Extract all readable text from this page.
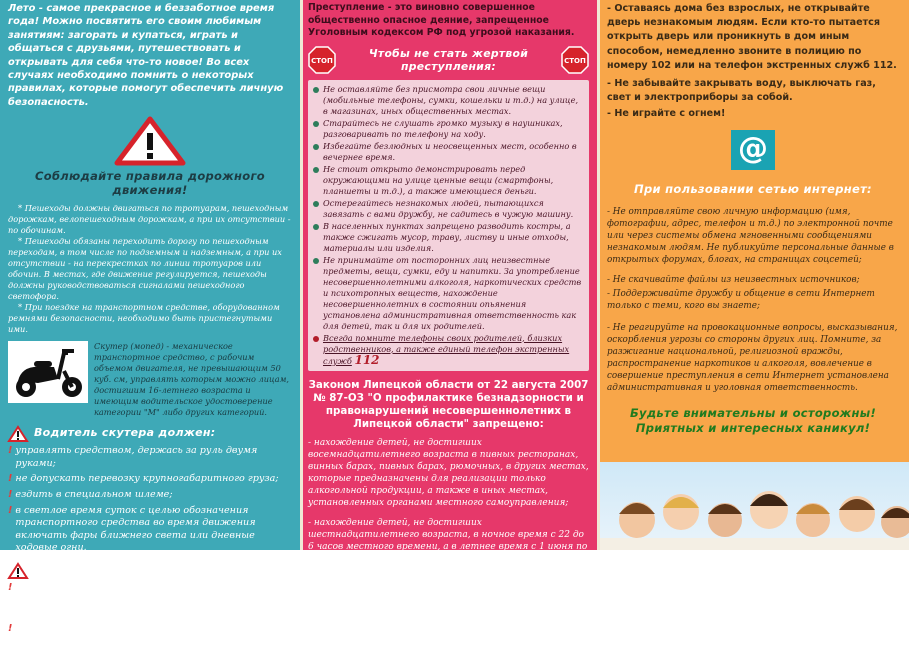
Лето - самое прекрасное и беззаботное время года! Можно посвятить его своим любимым занятиям: загорать и купаться, играть и общаться с друзьями, путешествовать и открывать для себя что-то новое! Во всех случаях необходимо помнить о некоторых правилах, которые помогут обеспечить личную безопасность.

Соблюдайте правила дорожного движения!

* Пешеходы должны двигаться по тротуарам, пешеходным дорожкам, велопешеходным дорожкам, а при их отсутствии - по обочинам.

* Пешеходы обязаны переходить дорогу по пешеходным переходам, в том числе по подземным и надземным, а при их отсутствии - на перекрестках по линии тротуаров или обочин. В местах, где движение регулируется, пешеходы должны руководствоваться сигналами пешеходного светофора.

* При поездке на транспортном средстве, оборудованном ремнями безопасности, необходимо быть пристегнутыми ими.

Скутер (мопед) - механическое транспортное средство, с рабочим объемом двигателя, не превышающим 50 куб. см, управлять которым можно лицам, достигшим 16-летнего возраста и имеющим водительское удостоверение категории "М" либо других категорий.

Водитель скутера должен:
! управлять средством, держась за руль двумя руками;
! не допускать перевозку крупногабаритного груза;
! ездить в специальном шлеме;
! в светлое время суток с целью обозначения транспортного средства во время движения включать фары ближнего света или дневные ходовые огни.
Водителю скутера запрещается:
! перевозить пассажиров, если это не предусмотрено конструкцией транспортного средства;
! перевозить детей до 7 лет при отсутствии специально

Преступление - это виновно совершенное общественно опасное деяние, запрещенное Уголовным кодексом РФ под угрозой наказания.

СТОП
Чтобы не стать жертвой преступления:	СТОП
Не оставляйте без присмотра свои личные вещи (мобильные телефоны, сумки, кошельки и т.д.) на улице, в магазинах, иных общественных местах.
Старайтесь не слушать громко музыку в наушниках, разговаривать по телефону на ходу.
Избегайте безлюдных и неосвещенных мест, особенно в вечернее время.
Не стоит открыто демонстрировать перед окружающими на улице ценные вещи (смартфоны, планшеты и т.д.), а также имеющиеся деньги.
Остерегайтесь незнакомых людей, пытающихся завязать с вами дружбу, не садитесь в чужую машину.
В населенных пунктах запрещено разводить костры, а также сжигать мусор, траву, листву и иные отходы, материалы или изделия.
Не принимайте от посторонних лиц неизвестные предметы, вещи, сумки, еду и напитки. За употребление несовершеннолетними алкоголя, наркотических средств и психотропных веществ, нахождение несовершеннолетних в состоянии опьянения установлена административная ответственность как для детей, так и для их родителей.
Всегда помните телефоны своих родителей, близких родственников, а также единый телефон экстренных служб 112

Законом Липецкой области от 22 августа 2007 № 87-ОЗ "О профилактике безнадзорности и правонарушений несовершеннолетних в Липецкой области" запрещено:

- нахождение детей, не достигших восемнадцатилетнего возраста в пивных ресторанах, винных барах, пивных барах, рюмочных, в других местах, которые предназначены для реализации только алкогольной продукции, а также в иных местах, установленных органами местного самоуправления;

- нахождение детей, не достигших шестнадцатилетнего возраста, в ночное время с 22 до 6 часов местного времени, а в летнее время с 1 июня по 31 августа с 23 до 6 часов местного времени, в общественных местах (на улицах, стадионах, в парках скверах, транспортных средствах общего пользования, ресторанах, кафе, барах, клубах, дискотеках и открытых танцевальных площадках, компьютерных салонах или клубах без сопровождения родителей или лиц, осуществля-

- Оставаясь дома без взрослых, не открывайте дверь незнакомым людям. Если кто-то пытается открыть дверь или проникнуть в дом иным способом, немедленно звоните в полицию по номеру 102 или на телефон экстренных служб 112.

- Не забывайте закрывать воду, выключать газ, свет и электроприборы за собой.

- Не играйте с огнем!

@
При пользовании сетью интернет:

- Не отправляйте свою личную информацию (имя, фотографии, адрес, телефон и т.д.) по электронной почте или через системы обмена мгновенными сообщениями незнакомым людям. Не публикуйте персональные данные в открытых форумах, блогах, на страницах соцсетей;

- Не скачивайте файлы из неизвестных источников;

- Поддерживайте дружбу и общение в сети Интернет только с теми, кого вы знаете;

- Не реагируйте на провокационные вопросы, высказывания, оскорбления угрозы со стороны других лиц. Помните, за разжигание национальной, религиозной вражды, распространение наркотиков и алкоголя, вовлечение в совершение преступления в сети Интернет установлена административная и уголовная ответственность.

Будьте внимательны и осторожны! Приятных и интересных каникул!
